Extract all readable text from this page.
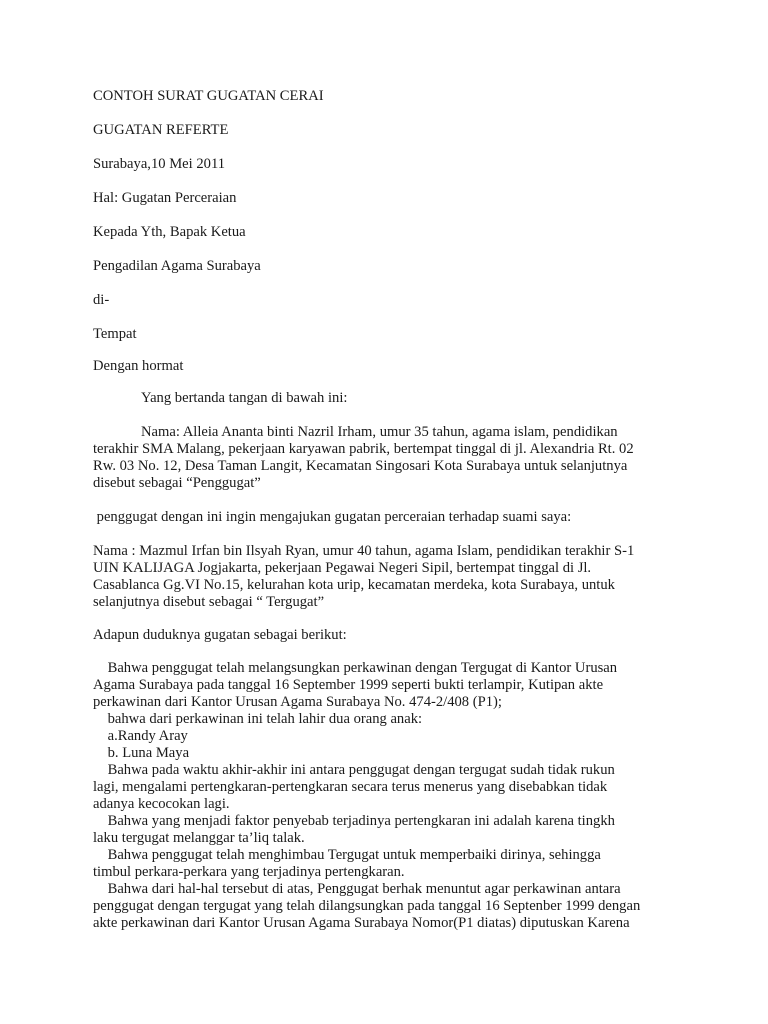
CONTOH SURAT GUGATAN CERAI

GUGATAN REFERTE

Surabaya,10 Mei 2011

Hal: Gugatan Perceraian

Kepada Yth, Bapak Ketua

Pengadilan Agama Surabaya

di-

Tempat

Dengan hormat

Yang bertanda tangan di bawah ini:

Nama: Alleia Ananta binti Nazril Irham, umur 35 tahun, agama islam, pendidikan

terakhir SMA Malang, pekerjaan karyawan pabrik, bertempat tinggal di jl. Alexandria Rt. 02

Rw. 03 No. 12, Desa Taman Langit, Kecamatan Singosari Kota Surabaya untuk selanjutnya

disebut sebagai “Penggugat”

penggugat dengan ini ingin mengajukan gugatan perceraian terhadap suami saya:

Nama : Mazmul Irfan bin Ilsyah Ryan, umur 40 tahun, agama Islam, pendidikan terakhir S-1

UIN KALIJAGA Jogjakarta, pekerjaan Pegawai Negeri Sipil, bertempat tinggal di Jl.

Casablanca Gg.VI No.15, kelurahan kota urip, kecamatan merdeka, kota Surabaya, untuk

selanjutnya disebut sebagai “ Tergugat”

Adapun duduknya gugatan sebagai berikut:

Bahwa penggugat telah melangsungkan perkawinan dengan Tergugat di Kantor Urusan

Agama Surabaya pada tanggal 16 September 1999 seperti bukti terlampir, Kutipan akte

perkawinan dari Kantor Urusan Agama Surabaya No. 474-2/408 (P1);

bahwa dari perkawinan ini telah lahir dua orang anak:

a.Randy Aray

b. Luna Maya

Bahwa pada waktu akhir-akhir ini antara penggugat dengan tergugat sudah tidak rukun

lagi, mengalami pertengkaran-pertengkaran secara terus menerus yang disebabkan tidak

adanya kecocokan lagi.

Bahwa yang menjadi faktor penyebab terjadinya pertengkaran ini adalah karena tingkh

laku tergugat melanggar ta’liq talak.

Bahwa penggugat telah menghimbau Tergugat untuk memperbaiki dirinya, sehingga

timbul perkara-perkara yang terjadinya pertengkaran.

Bahwa dari hal-hal tersebut di atas, Penggugat berhak menuntut agar perkawinan antara

penggugat dengan tergugat yang telah dilangsungkan pada tanggal 16 Septenber 1999 dengan

akte perkawinan dari Kantor Urusan Agama Surabaya Nomor(P1 diatas) diputuskan Karena
